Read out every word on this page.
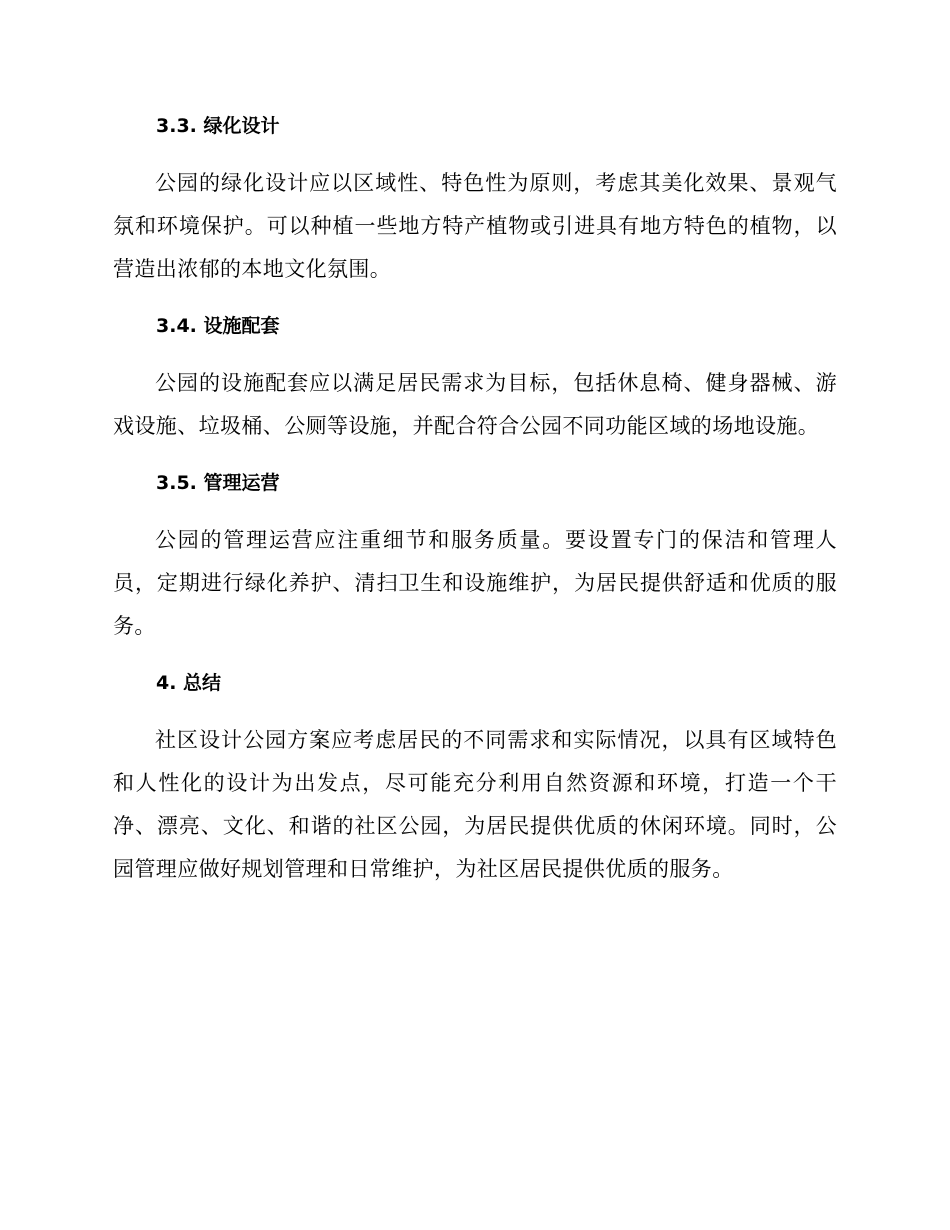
3.3. 绿化设计

公园的绿化设计应以区域性、特色性为原则，考虑其美化效果、景观气氛和环境保护。可以种植一些地方特产植物或引进具有地方特色的植物，以营造出浓郁的本地文化氛围。

3.4. 设施配套

公园的设施配套应以满足居民需求为目标，包括休息椅、健身器械、游戏设施、垃圾桶、公厕等设施，并配合符合公园不同功能区域的场地设施。

3.5. 管理运营

公园的管理运营应注重细节和服务质量。要设置专门的保洁和管理人员，定期进行绿化养护、清扫卫生和设施维护，为居民提供舒适和优质的服务。

4. 总结

社区设计公园方案应考虑居民的不同需求和实际情况，以具有区域特色和人性化的设计为出发点，尽可能充分利用自然资源和环境，打造一个干净、漂亮、文化、和谐的社区公园，为居民提供优质的休闲环境。同时，公园管理应做好规划管理和日常维护，为社区居民提供优质的服务。
